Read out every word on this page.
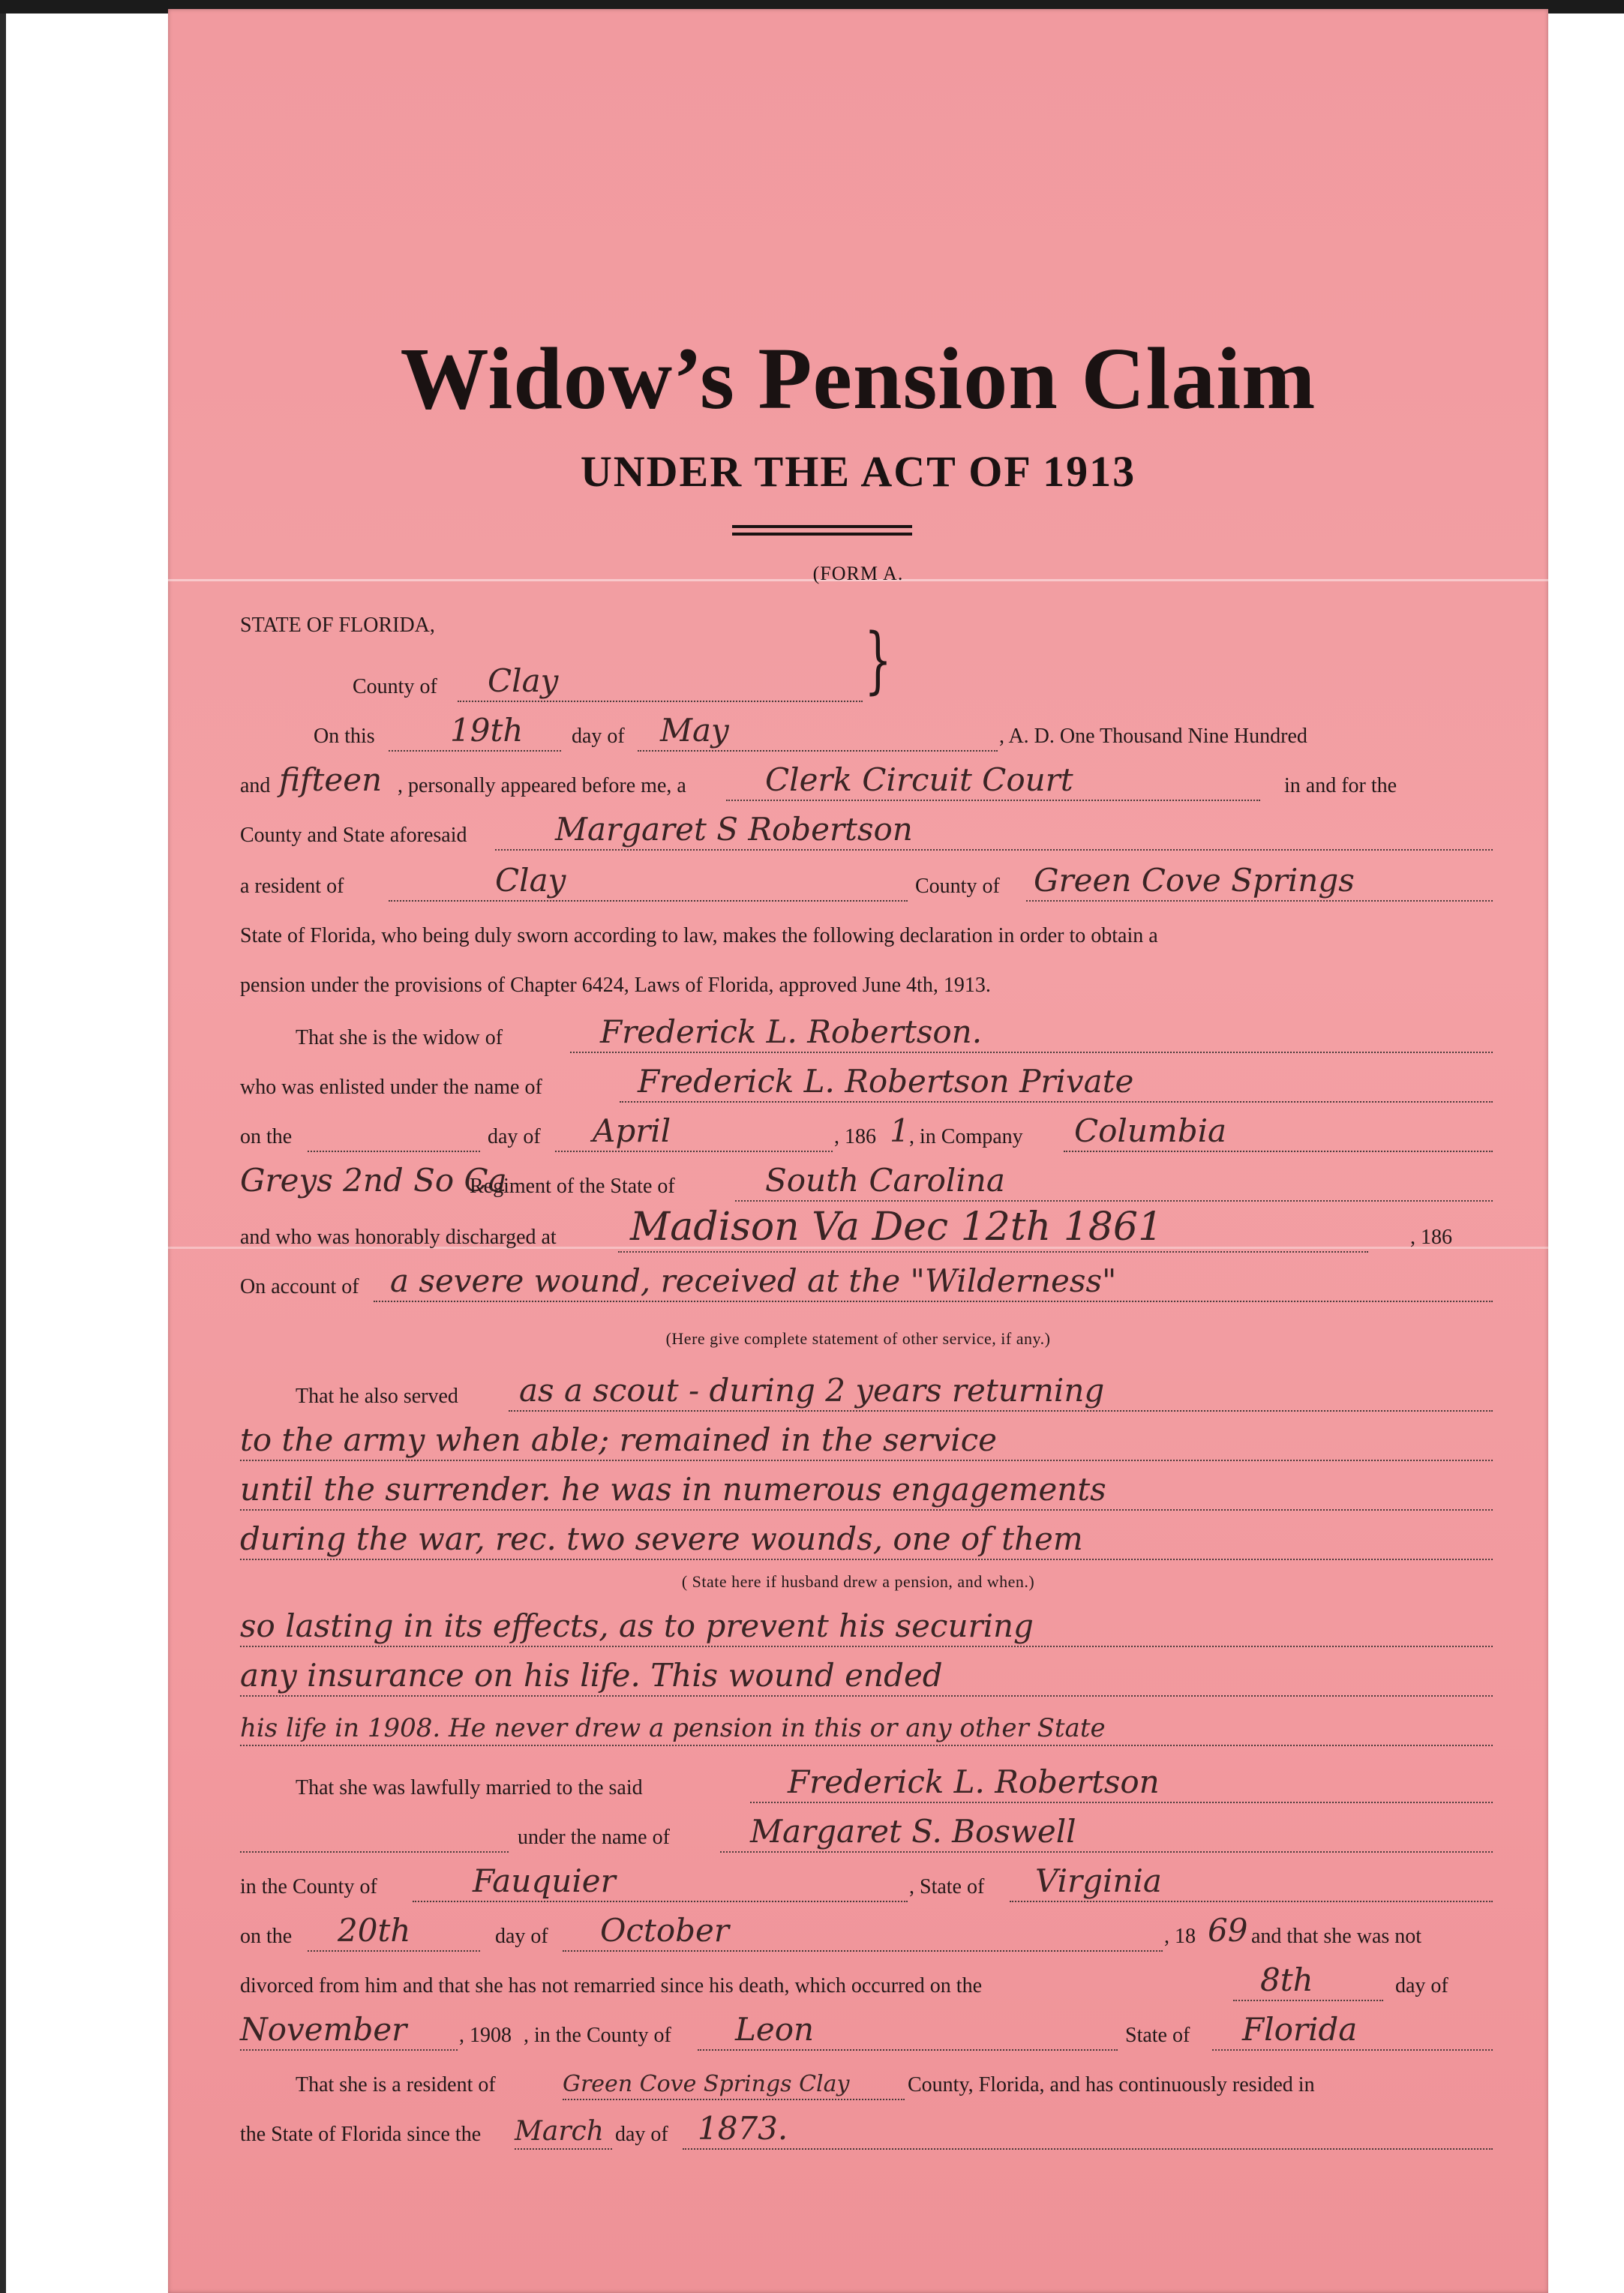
Widow’s Pension Claim
UNDER THE ACT OF 1913
(FORM A.
STATE OF FLORIDA,	}
County of Clay
On this 19th day of May	, A. D. One Thousand Nine Hundred
and fifteen , personally appeared before me, a	Clerk Circuit Court	in and for the
County and State aforesaid	Margaret S Robertson
a resident of	Clay	County of Green Cove Springs
State of Florida, who being duly sworn according to law, makes the following declaration in order to obtain a
pension under the provisions of Chapter 6424, Laws of Florida, approved June 4th, 1913.
That she is the widow of	Frederick L. Robertson.
who was enlisted under the name of	Frederick L. Robertson Private
on the	day of April	, 186 1 , in Company Columbia
Greys 2nd So Ca
Regiment of the State of	South Carolina
and who was honorably discharged at Madison Va Dec 12th 1861	, 186
On account of a severe wound, received at the "Wilderness"
(Here give complete statement of other service, if any.)
That he also served as a scout - during 2 years returning
to the army when able; remained in the service
until the surrender. he was in numerous engagements
during the war, rec. two severe wounds, one of them
( State here if husband drew a pension, and when.)
so lasting in its effects, as to prevent his securing
any insurance on his life. This wound ended
his life in 1908. He never drew a pension in this or any other State
That she was lawfully married to the said	Frederick L. Robertson
under the name of	Margaret S. Boswell
in the County of	Fauquier	, State of Virginia
on the 20th	day of October	, 18 69 and that she was not
divorced from him and that she has not remarried since his death, which occurred on the	8th	day of
November , 1908 , in the County of Leon	State of Florida
That she is a resident of	Green Cove Springs Clay	County, Florida, and has continuously resided in
the State of Florida since the March day of 1873.
